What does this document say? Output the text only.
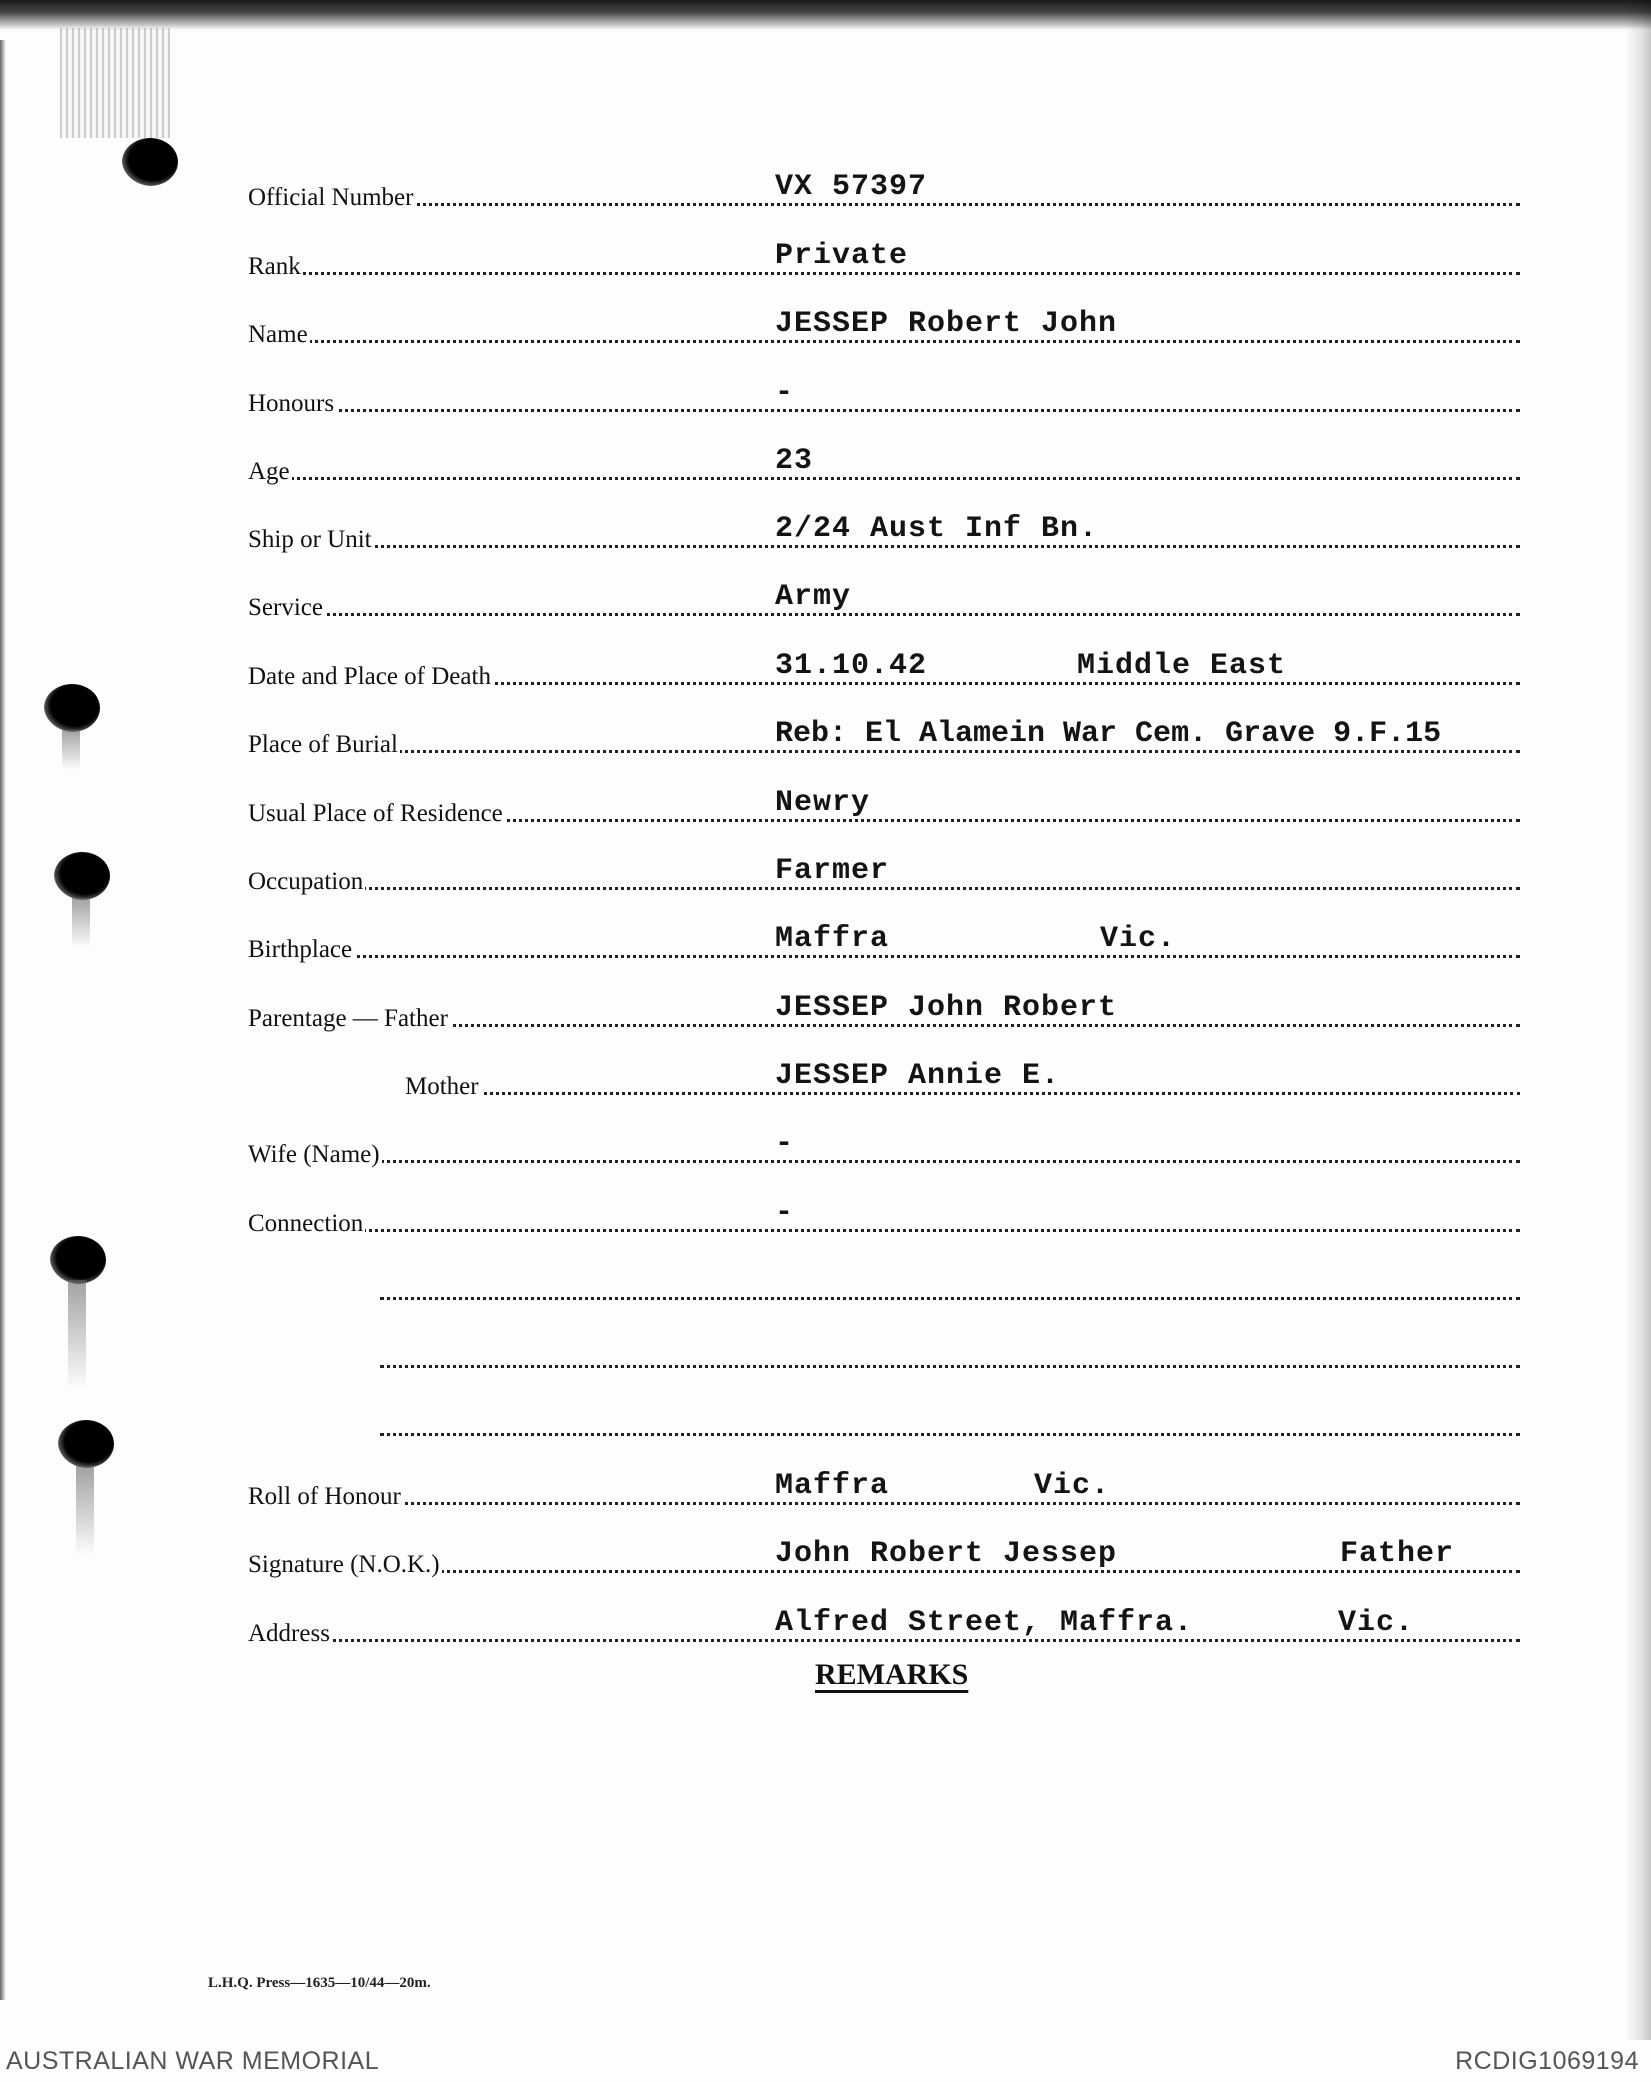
Official Number	VX 57397
Rank	Private
Name	JESSEP Robert John
Honours	-
Age	23
Ship or Unit	2/24 Aust Inf Bn.
Service	Army
Date and Place of Death	31.10.42	Middle East
Place of Burial	Reb: El Alamein War Cem. Grave 9.F.15
Usual Place of Residence	Newry
Occupation	Farmer
Birthplace	Maffra	Vic.
Parentage — Father	JESSEP John Robert
Mother	JESSEP Annie E.
Wife (Name)	-
Connection	-
Roll of Honour	Maffra	Vic.
Signature (N.O.K.)	John Robert Jessep	Father
Address	Alfred Street, Maffra.	Vic.
REMARKS
L.H.Q. Press—1635—10/44—20m.
AUSTRALIAN WAR MEMORIAL	RCDIG1069194
